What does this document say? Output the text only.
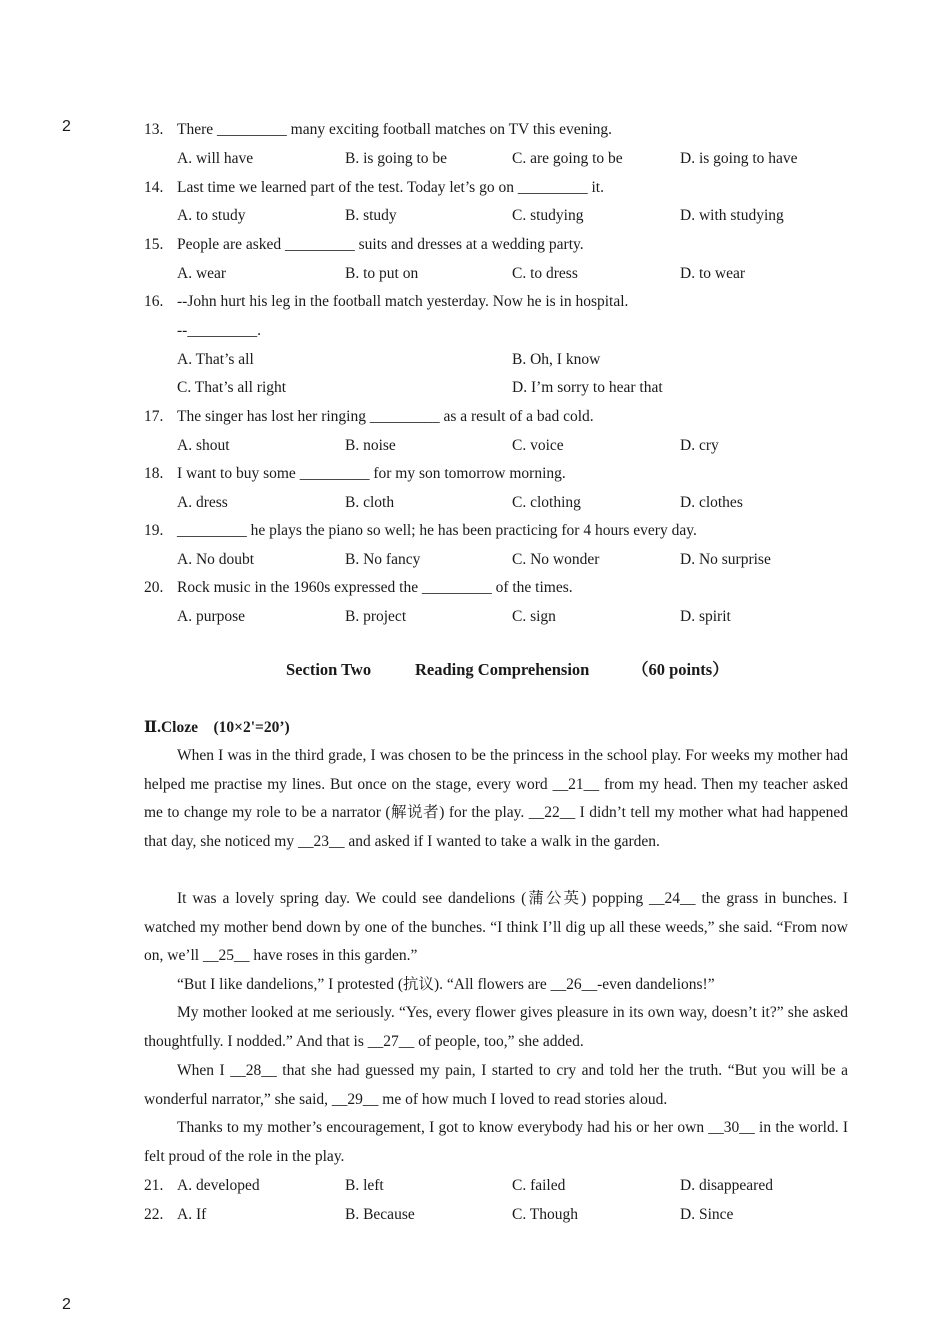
2	13. There _________ many exciting football matches on TV this evening.
A. will have	B. is going to be	C. are going to be	D. is going to have
14. Last time we learned part of the test. Today let’s go on _________ it.
A. to study	B. study	C. studying	D. with studying
15. People are asked _________ suits and dresses at a wedding party.
A. wear	B. to put on	C. to dress	D. to wear
16. --John hurt his leg in the football match yesterday. Now he is in hospital.
--_________.
A. That’s all	B. Oh, I know
C. That’s all right	D. I’m sorry to hear that
17. The singer has lost her ringing _________ as a result of a bad cold.
A. shout	B. noise	C. voice	D. cry
18. I want to buy some _________ for my son tomorrow morning.
A. dress	B. cloth	C. clothing	D. clothes
19. _________ he plays the piano so well; he has been practicing for 4 hours every day.
A. No doubt	B. No fancy	C. No wonder	D. No surprise
20. Rock music in the 1960s expressed the _________ of the times.
A. purpose	B. project	C. sign	D. spirit
Section Two	Reading Comprehension	（60 points）
Ⅱ.Cloze　(10×2'=20’)

When I was in the third grade, I was chosen to be the princess in the school play. For weeks my mother had helped me practise my lines. But once on the stage, every word __21__ from my head. Then my teacher asked me to change my role to be a narrator (解说者) for the play. __22__ I didn’t tell my mother what had happened that day, she noticed my __23__ and asked if I wanted to take a walk in the garden.

It was a lovely spring day. We could see dandelions (蒲公英) popping __24__ the grass in bunches. I watched my mother bend down by one of the bunches. “I think I’ll dig up all these weeds,” she said. “From now on, we’ll __25__ have roses in this garden.”

“But I like dandelions,” I protested (抗议). “All flowers are __26__-even dandelions!”

My mother looked at me seriously. “Yes, every flower gives pleasure in its own way, doesn’t it?” she asked thoughtfully. I nodded.” And that is __27__ of people, too,” she added.

When I __28__ that she had guessed my pain, I started to cry and told her the truth. “But you will be a wonderful narrator,” she said, __29__ me of how much I loved to read stories aloud.

Thanks to my mother’s encouragement, I got to know everybody had his or her own __30__ in the world. I felt proud of the role in the play.

21. A. developed	B. left	C. failed	D. disappeared
22. A. If	B. Because	C. Though	D. Since
2
